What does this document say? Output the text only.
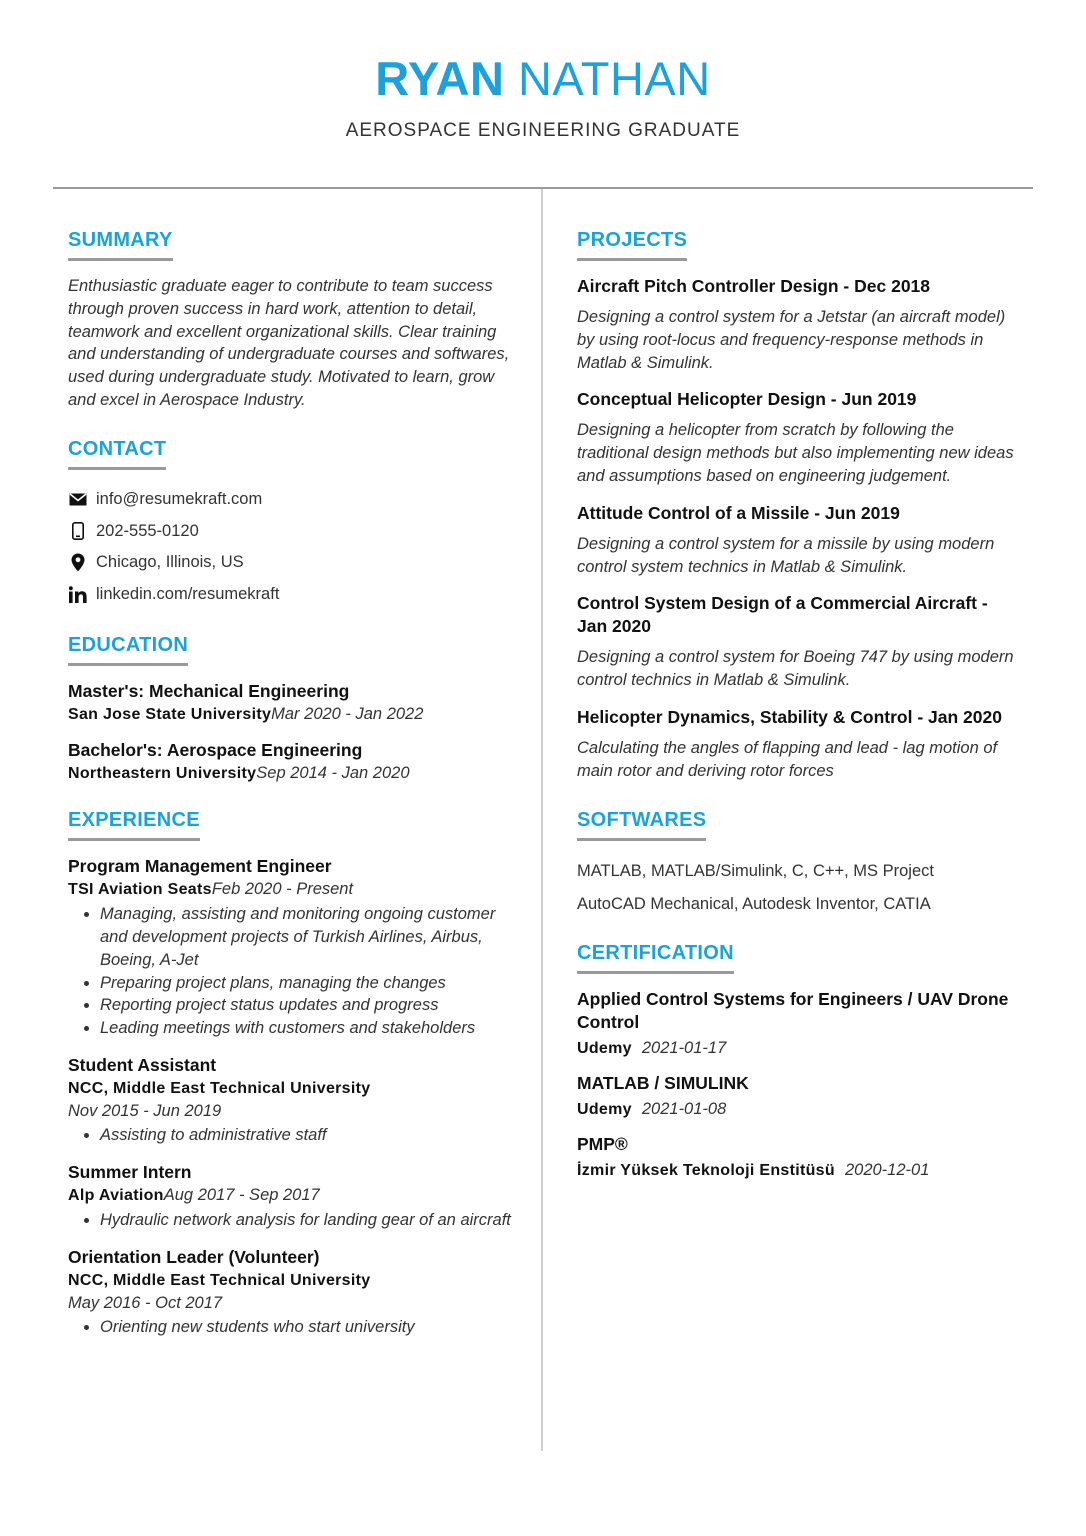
RYAN NATHAN
AEROSPACE ENGINEERING GRADUATE
SUMMARY

Enthusiastic graduate eager to contribute to team success through proven success in hard work, attention to detail, teamwork and excellent organizational skills. Clear training and understanding of undergraduate courses and softwares, used during undergraduate study. Motivated to learn, grow and excel in Aerospace Industry.

CONTACT
info@resumekraft.com
202-555-0120
Chicago, Illinois, US
linkedin.com/resumekraft
EDUCATION
Master's: Mechanical Engineering
San Jose State UniversityMar 2020 - Jan 2022
Bachelor's: Aerospace Engineering
Northeastern UniversitySep 2014 - Jan 2020
EXPERIENCE
Program Management Engineer
TSI Aviation SeatsFeb 2020 - Present
• Managing, assisting and monitoring ongoing customer and development projects of Turkish Airlines, Airbus, Boeing, A-Jet
• Preparing project plans, managing the changes
• Reporting project status updates and progress
• Leading meetings with customers and stakeholders
Student Assistant
NCC, Middle East Technical University
Nov 2015 - Jun 2019
• Assisting to administrative staff
Summer Intern
Alp AviationAug 2017 - Sep 2017
• Hydraulic network analysis for landing gear of an aircraft
Orientation Leader (Volunteer)
NCC, Middle East Technical University
May 2016 - Oct 2017
• Orienting new students who start university
PROJECTS
Aircraft Pitch Controller Design - Dec 2018
Designing a control system for a Jetstar (an aircraft model) by using root-locus and frequency-response methods in Matlab & Simulink.
Conceptual Helicopter Design - Jun 2019
Designing a helicopter from scratch by following the traditional design methods but also implementing new ideas and assumptions based on engineering judgement.
Attitude Control of a Missile - Jun 2019
Designing a control system for a missile by using modern control system technics in Matlab & Simulink.
Control System Design of a Commercial Aircraft - Jan 2020
Designing a control system for Boeing 747 by using modern control technics in Matlab & Simulink.
Helicopter Dynamics, Stability & Control - Jan 2020
Calculating the angles of flapping and lead - lag motion of main rotor and deriving rotor forces
SOFTWARES
MATLAB, MATLAB/Simulink, C, C++, MS Project
AutoCAD Mechanical, Autodesk Inventor, CATIA
CERTIFICATION
Applied Control Systems for Engineers / UAV Drone Control
Udemy 2021-01-17
MATLAB / SIMULINK
Udemy 2021-01-08
PMP®
İzmir Yüksek Teknoloji Enstitüsü 2020-12-01
